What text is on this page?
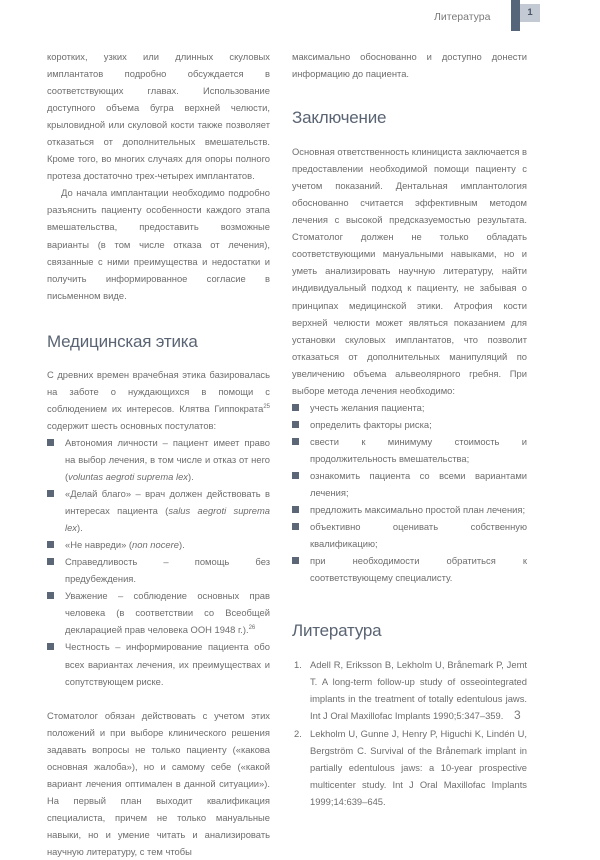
Литература	1

коротких, узких или длинных скуловых имплантатов подробно обсуждается в соответствующих главах. Использование доступного объема бугра верхней челюсти, крыловидной или скуловой кости также позволяет отказаться от дополнительных вмешательств. Кроме того, во многих случаях для опоры полного протеза достаточно трех-четырех имплантатов.

До начала имплантации необходимо подробно разъяснить пациенту особенности каждого этапа вмешательства, предоставить возможные варианты (в том числе отказа от лечения), связанные с ними преимущества и недостатки и получить информированное согласие в письменном виде.

Медицинская этика

С древних времен врачебная этика базировалась на заботе о нуждающихся в помощи с соблюдением их интересов. Клятва Гиппократа$^{25}$ содержит шесть основных постулатов:

Автономия личности – пациент имеет право на выбор лечения, в том числе и отказ от него (voluntas aegroti suprema lex).
«Делай благо» – врач должен действовать в интересах пациента (salus aegroti suprema lex).
«Не навреди» (non nocere).
Справедливость – помощь без предубеждения.
Уважение – соблюдение основных прав человека (в соответствии со Всеобщей декларацией прав человека ООН 1948 г.).$^{26}$
Честность – информирование пациента обо всех вариантах лечения, их преимуществах и сопутствующем риске.

Стоматолог обязан действовать с учетом этих положений и при выборе клинического решения задавать вопросы не только пациенту («какова основная жалоба»), но и самому себе («какой вариант лечения оптимален в данной ситуации»). На первый план выходит квалификация специалиста, причем не только мануальные навыки, но и умение читать и анализировать научную литературу, с тем чтобы

максимально обоснованно и доступно донести информацию до пациента.

Заключение

Основная ответственность клинициста заключается в предоставлении необходимой помощи пациенту с учетом показаний. Дентальная имплантология обоснованно считается эффективным методом лечения с высокой предсказуемостью результата. Стоматолог должен не только обладать соответствующими мануальными навыками, но и уметь анализировать научную литературу, найти индивидуальный подход к пациенту, не забывая о принципах медицинской этики. Атрофия кости верхней челюсти может являться показанием для установки скуловых имплантатов, что позволит отказаться от дополнительных манипуляций по увеличению объема альвеолярного гребня. При выборе метода лечения необходимо:

учесть желания пациента;
определить факторы риска;
свести к минимуму стоимость и продолжительность вмешательства;
ознакомить пациента со всеми вариантами лечения;
предложить максимально простой план лечения;
объективно оценивать собственную квалификацию;
при необходимости обратиться к соответствующему специалисту.
Литература
1. Adell R, Eriksson B, Lekholm U, Brånemark P, Jemt T. A long-term follow-up study of osseointegrated implants in the treatment of totally edentulous jaws. Int J Oral Maxillofac Implants 1990;5:347–359.
2. Lekholm U, Gunne J, Henry P, Higuchi K, Lindén U, Bergström C. Survival of the Brånemark implant in partially edentulous jaws: a 10-year prospective multicenter study. Int J Oral Maxillofac Implants 1999;14:639–645.
3
